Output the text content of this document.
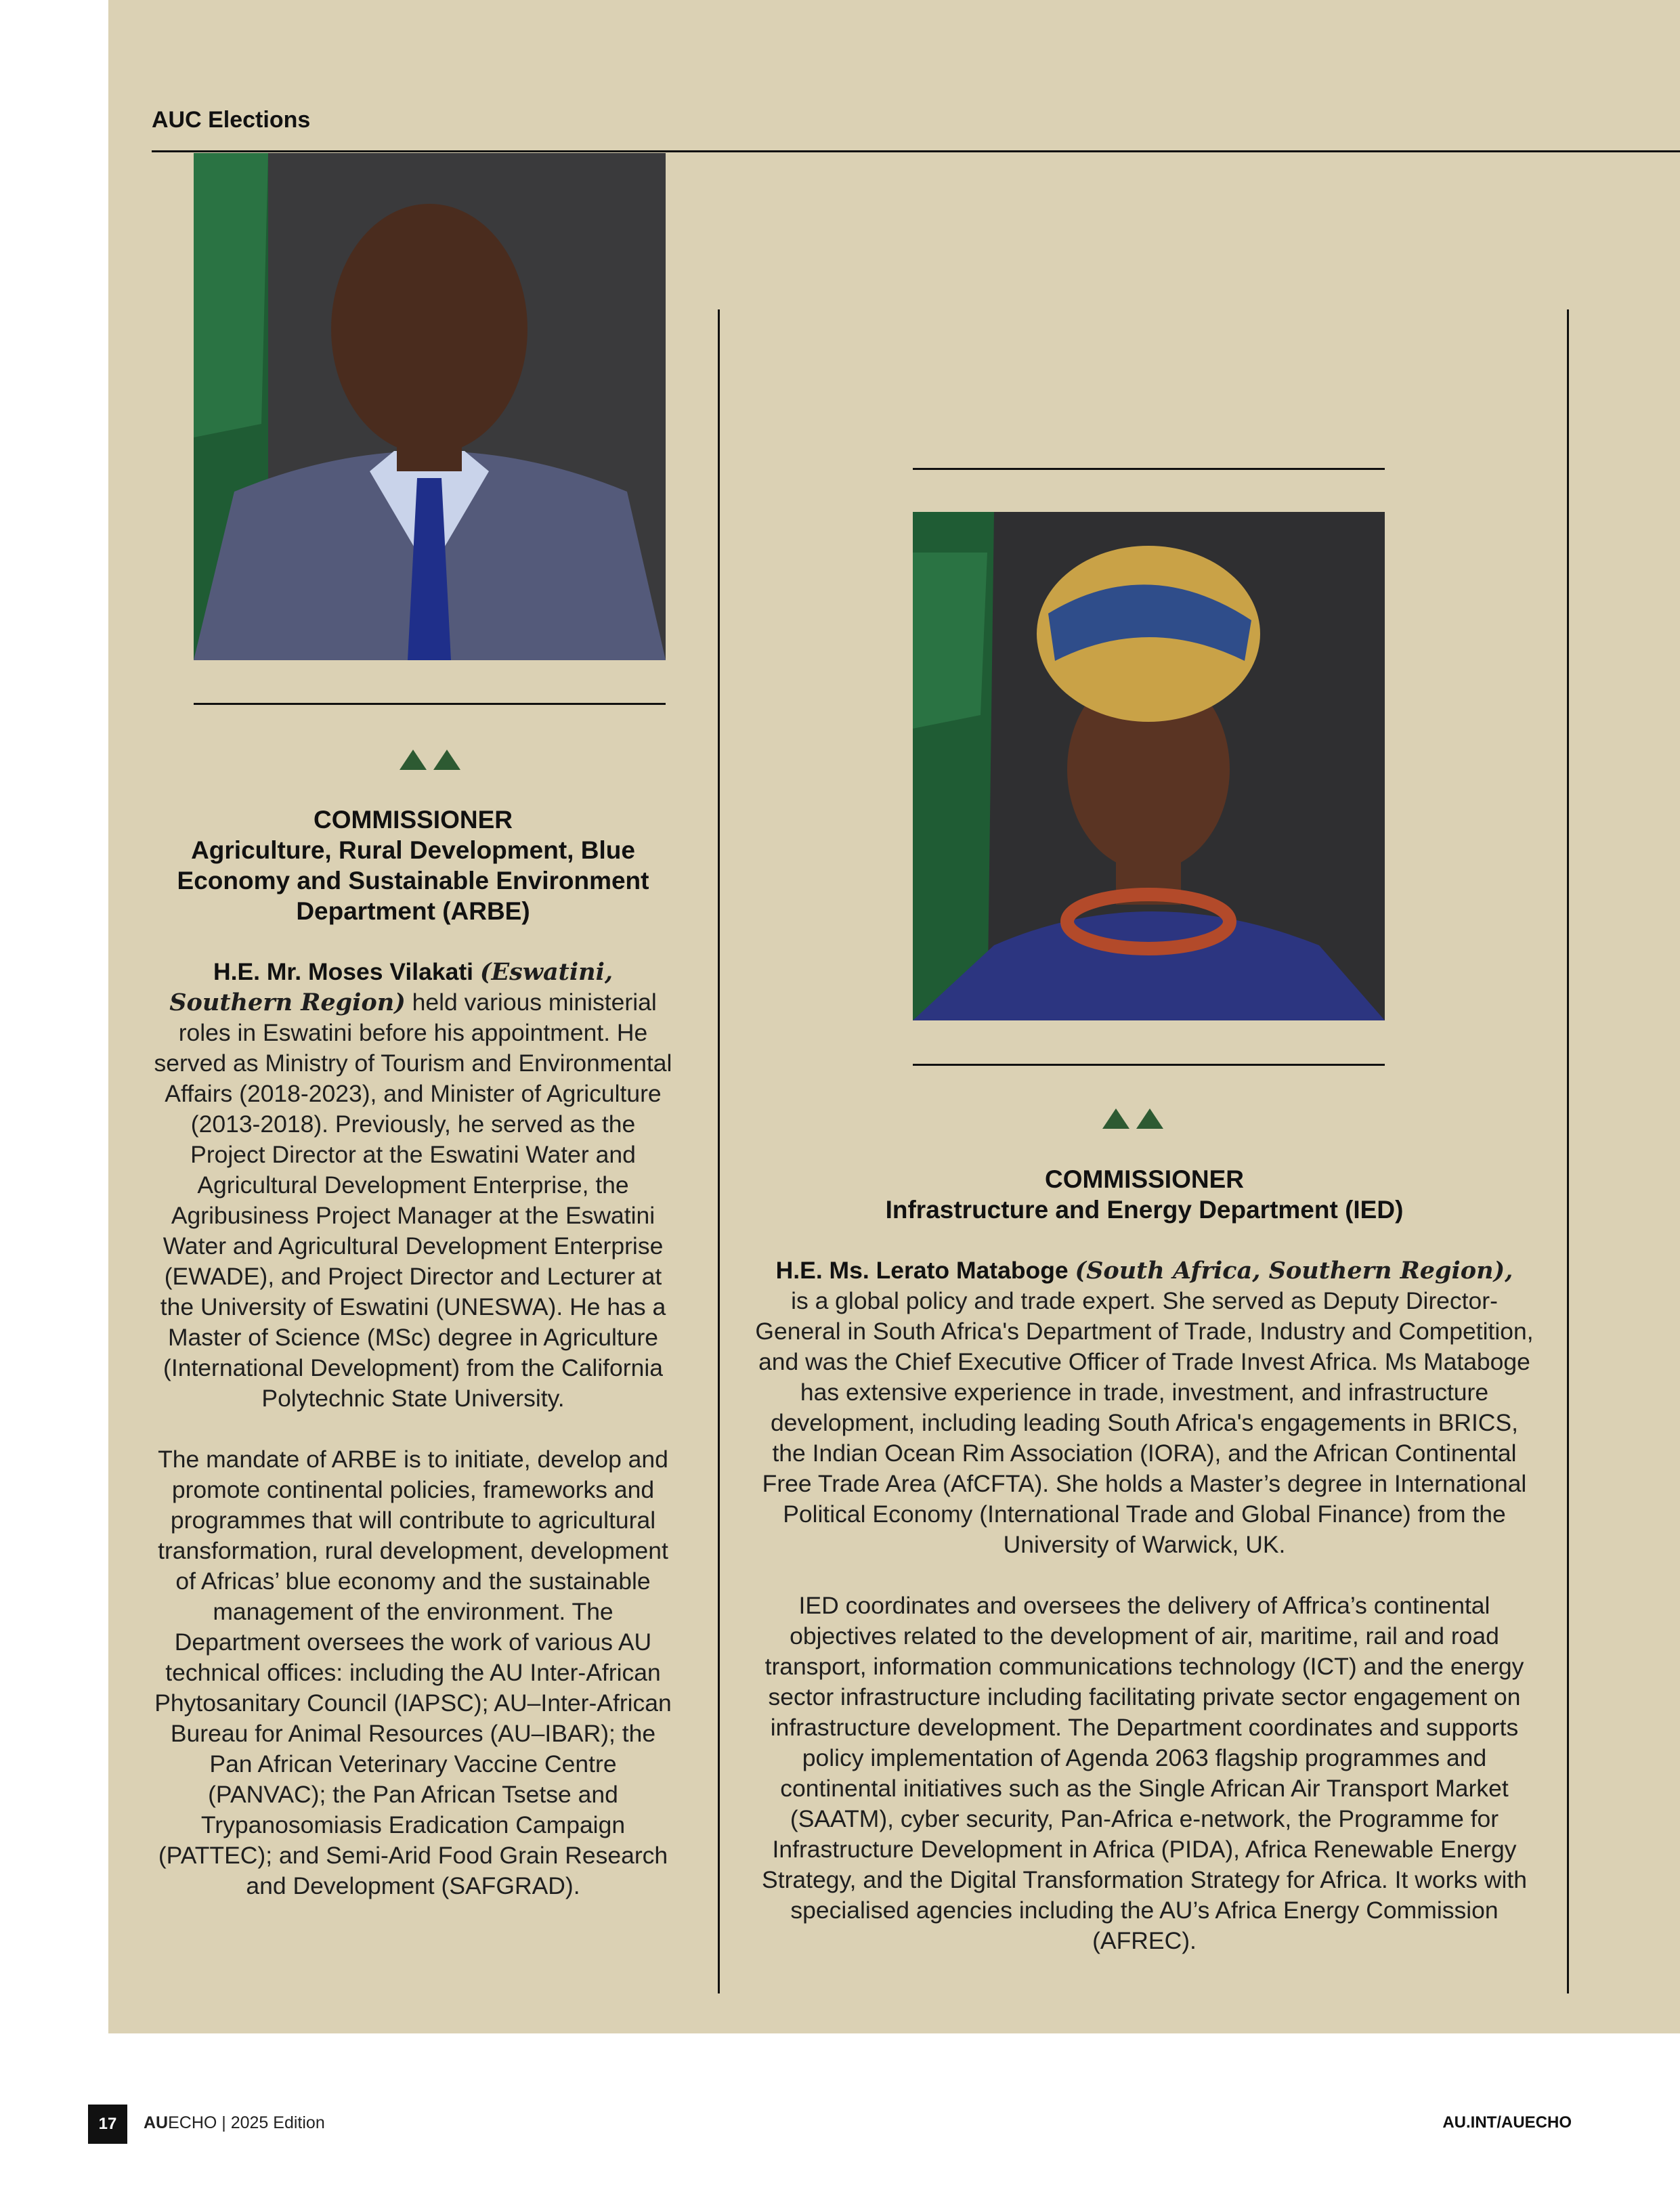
AUC Elections
COMMISSIONER
Agriculture, Rural Development, Blue Economy and Sustainable Environment Department (ARBE)

H.E. Mr. Moses Vilakati (Eswatini, Southern Region) held various ministerial roles in Eswatini before his appointment. He served as Ministry of Tourism and Environmental Affairs (2018-2023), and Minister of Agriculture (2013-2018). Previously, he served as the Project Director at the Eswatini Water and Agricultural Development Enterprise, the Agribusiness Project Manager at the Eswatini Water and Agricultural Development Enterprise (EWADE), and Project Director and Lecturer at the University of Eswatini (UNESWA). He has a Master of Science (MSc) degree in Agriculture (International Development) from the California Polytechnic State University.

The mandate of ARBE is to initiate, develop and promote continental policies, frameworks and programmes that will contribute to agricultural transformation, rural development, development of Africas’ blue economy and the sustainable management of the environment. The Department oversees the work of various AU technical offices: including the AU Inter-African Phytosanitary Council (IAPSC); AU–Inter-African Bureau for Animal Resources (AU–IBAR); the Pan African Veterinary Vaccine Centre (PANVAC); the Pan African Tsetse and Trypanosomiasis Eradication Campaign (PATTEC); and Semi-Arid Food Grain Research and Development (SAFGRAD).

COMMISSIONER
Infrastructure and Energy Department (IED)

H.E. Ms. Lerato Mataboge (South Africa, Southern Region),
is a global policy and trade expert. She served as Deputy Director-General in South Africa's Department of Trade, Industry and Competition, and was the Chief Executive Officer of Trade Invest Africa. Ms Mataboge has extensive experience in trade, investment, and infrastructure development, including leading South Africa's engagements in BRICS, the Indian Ocean Rim Association (IORA), and the African Continental Free Trade Area (AfCFTA). She holds a Master’s degree in International Political Economy (International Trade and Global Finance) from the University of Warwick, UK.

IED coordinates and oversees the delivery of Affrica’s continental objectives related to the development of air, maritime, rail and road transport, information communications technology (ICT) and the energy sector infrastructure including facilitating private sector engagement on infrastructure development. The Department coordinates and supports policy implementation of Agenda 2063 flagship programmes and continental initiatives such as the Single African Air Transport Market (SAATM), cyber security, Pan-Africa e-network, the Programme for Infrastructure Development in Africa (PIDA), Africa Renewable Energy Strategy, and the Digital Transformation Strategy for Africa. It works with specialised agencies including the AU’s Africa Energy Commission (AFREC).

17	AUECHO | 2025 Edition	AU.INT/AUECHO
